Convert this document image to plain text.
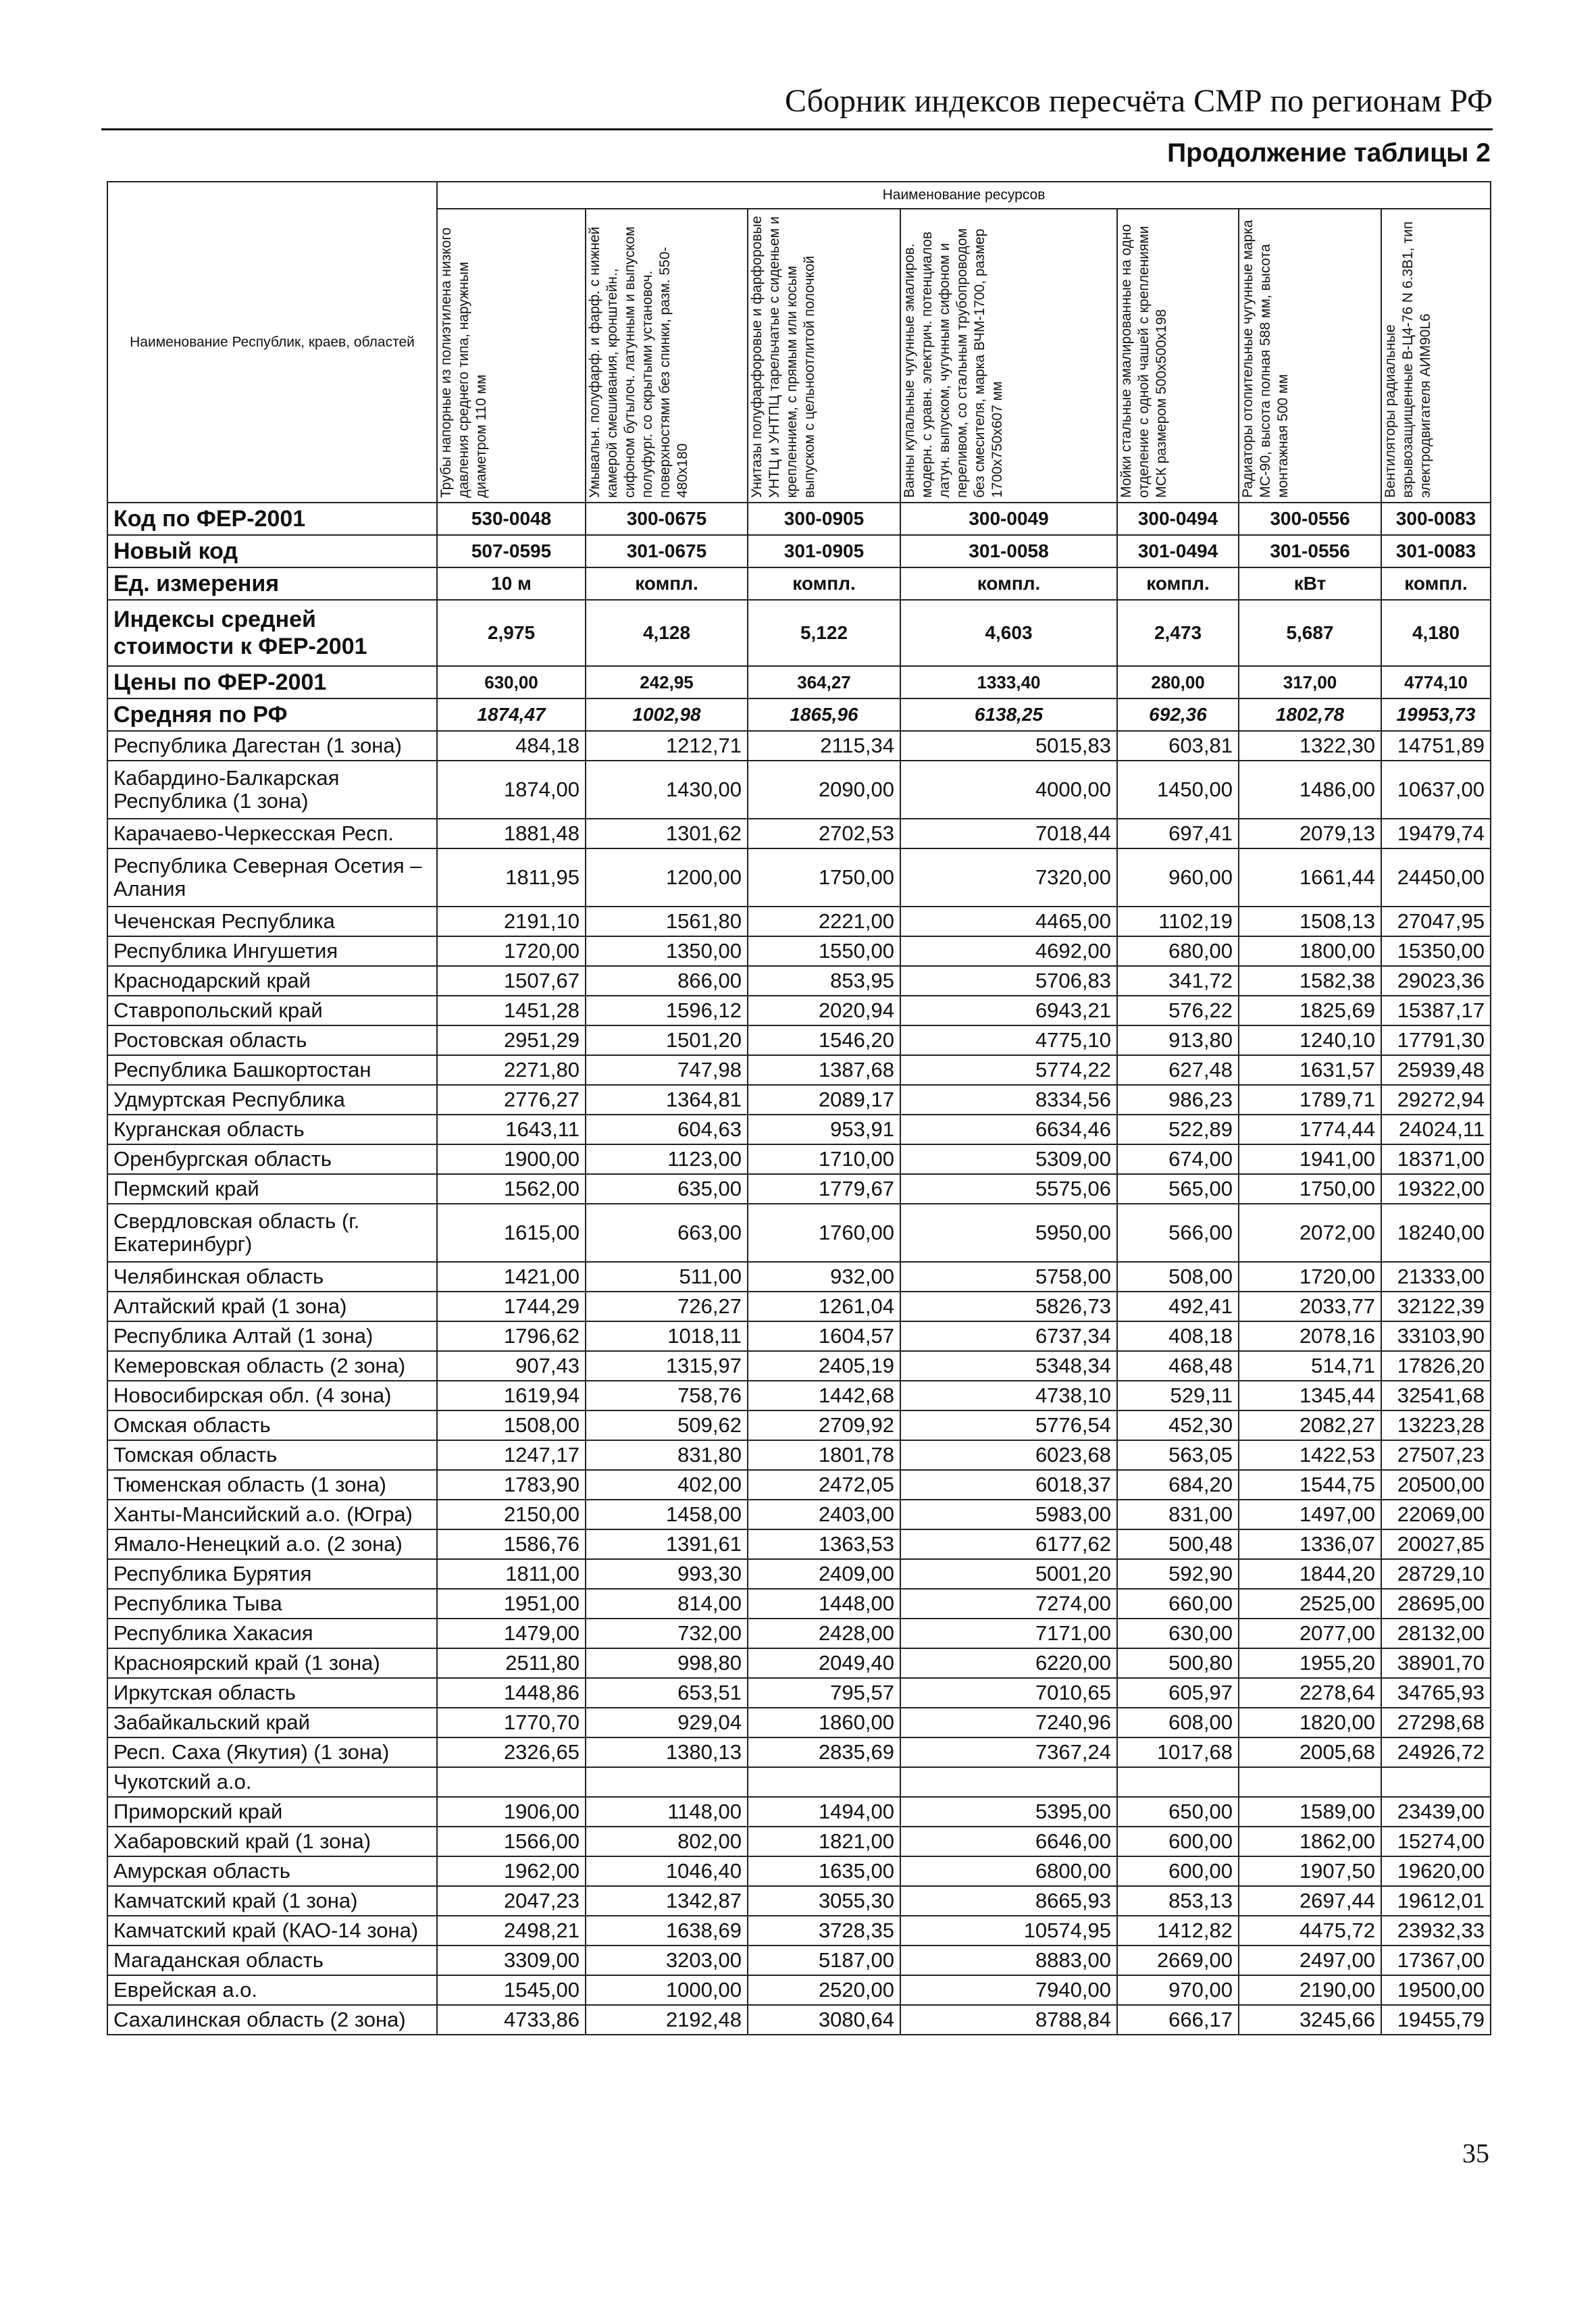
Сборник индексов пересчёта СМР по регионам РФ
Продолжение таблицы 2
Наименование Республик, краев, областей	Наименование ресурсов						

	Трубы напорные из полиэтилена низкого давления среднего типа, наружным диаметром 110 мм	Умывальн. полуфарф. и фарф. с нижней камерой смешивания, кронштейн., сифоном бутылоч. латунным и выпуском полуфург. со скрытыми установоч. поверхностями без спинки, разм. 550-480х180	Унитазы полуфарфоровые и фарфоровые УНТЦ и УНТПЦ тарельчатые с сиденьем и крепленнием, с прямым или косым выпуском с цельноотлитой полочкой	Ванны купальные чугунные эмалиров. модерн. с уравн. электрич. потенциалов латун. выпуском, чугунным сифоном и переливом, со стальным трубопроводом без смесителя, марка ВЧМ-1700, размер 1700x750x607 мм	Мойки стальные эмалированные на одно отделение с одной чашей с креплениями МСК размером 500x500x198	Радиаторы отопительные чугунные марка МС-90, высота полная 588 мм, высота монтажная 500 мм	Вентиляторы радиальные взрывозащищенные В-Ц4-76 N 6.3В1, тип электродвигателя АИМ90L6

Код по ФЕР-2001	530-0048	300-0675	300-0905	300-0049	300-0494	300-0556	300-0083
Новый код	507-0595	301-0675	301-0905	301-0058	301-0494	301-0556	301-0083
Ед. измерения	10 м	компл.	компл.	компл.	компл.	кВт	компл.
Индексы средней стоимости к ФЕР-2001	2,975	4,128	5,122	4,603	2,473	5,687	4,180
Цены по ФЕР-2001	630,00	242,95	364,27	1333,40	280,00	317,00	4774,10
Средняя по РФ	1874,47	1002,98	1865,96	6138,25	692,36	1802,78	19953,73
Республика Дагестан (1 зона)	484,18	1212,71	2115,34	5015,83	603,81	1322,30	14751,89
Кабардино-Балкарская Республика (1 зона)	1874,00	1430,00	2090,00	4000,00	1450,00	1486,00	10637,00
Карачаево-Черкесская Респ.	1881,48	1301,62	2702,53	7018,44	697,41	2079,13	19479,74
Республика Северная Осетия – Алания	1811,95	1200,00	1750,00	7320,00	960,00	1661,44	24450,00
Чеченская Республика	2191,10	1561,80	2221,00	4465,00	1102,19	1508,13	27047,95
Республика Ингушетия	1720,00	1350,00	1550,00	4692,00	680,00	1800,00	15350,00
Краснодарский край	1507,67	866,00	853,95	5706,83	341,72	1582,38	29023,36
Ставропольский край	1451,28	1596,12	2020,94	6943,21	576,22	1825,69	15387,17
Ростовская область	2951,29	1501,20	1546,20	4775,10	913,80	1240,10	17791,30
Республика Башкортостан	2271,80	747,98	1387,68	5774,22	627,48	1631,57	25939,48
Удмуртская Республика	2776,27	1364,81	2089,17	8334,56	986,23	1789,71	29272,94
Курганская область	1643,11	604,63	953,91	6634,46	522,89	1774,44	24024,11
Оренбургская область	1900,00	1123,00	1710,00	5309,00	674,00	1941,00	18371,00
Пермский край	1562,00	635,00	1779,67	5575,06	565,00	1750,00	19322,00
Свердловская область (г. Екатеринбург)	1615,00	663,00	1760,00	5950,00	566,00	2072,00	18240,00
Челябинская область	1421,00	511,00	932,00	5758,00	508,00	1720,00	21333,00
Алтайский край (1 зона)	1744,29	726,27	1261,04	5826,73	492,41	2033,77	32122,39
Республика Алтай (1 зона)	1796,62	1018,11	1604,57	6737,34	408,18	2078,16	33103,90
Кемеровская область (2 зона)	907,43	1315,97	2405,19	5348,34	468,48	514,71	17826,20
Новосибирская обл. (4 зона)	1619,94	758,76	1442,68	4738,10	529,11	1345,44	32541,68
Омская область	1508,00	509,62	2709,92	5776,54	452,30	2082,27	13223,28
Томская область	1247,17	831,80	1801,78	6023,68	563,05	1422,53	27507,23
Тюменская область (1 зона)	1783,90	402,00	2472,05	6018,37	684,20	1544,75	20500,00
Ханты-Мансийский а.о. (Югра)	2150,00	1458,00	2403,00	5983,00	831,00	1497,00	22069,00
Ямало-Ненецкий а.о. (2 зона)	1586,76	1391,61	1363,53	6177,62	500,48	1336,07	20027,85
Республика Бурятия	1811,00	993,30	2409,00	5001,20	592,90	1844,20	28729,10
Республика Тыва	1951,00	814,00	1448,00	7274,00	660,00	2525,00	28695,00
Республика Хакасия	1479,00	732,00	2428,00	7171,00	630,00	2077,00	28132,00
Красноярский край (1 зона)	2511,80	998,80	2049,40	6220,00	500,80	1955,20	38901,70
Иркутская область	1448,86	653,51	795,57	7010,65	605,97	2278,64	34765,93
Забайкальский край	1770,70	929,04	1860,00	7240,96	608,00	1820,00	27298,68
Респ. Саха (Якутия) (1 зона)	2326,65	1380,13	2835,69	7367,24	1017,68	2005,68	24926,72
Чукотский а.о.							
Приморский край	1906,00	1148,00	1494,00	5395,00	650,00	1589,00	23439,00
Хабаровский край (1 зона)	1566,00	802,00	1821,00	6646,00	600,00	1862,00	15274,00
Амурская область	1962,00	1046,40	1635,00	6800,00	600,00	1907,50	19620,00
Камчатский край (1 зона)	2047,23	1342,87	3055,30	8665,93	853,13	2697,44	19612,01
Камчатский край (КАО-14 зона)	2498,21	1638,69	3728,35	10574,95	1412,82	4475,72	23932,33
Магаданская область	3309,00	3203,00	5187,00	8883,00	2669,00	2497,00	17367,00
Еврейская а.о.	1545,00	1000,00	2520,00	7940,00	970,00	2190,00	19500,00
Сахалинская область (2 зона)	4733,86	2192,48	3080,64	8788,84	666,17	3245,66	19455,79
35
